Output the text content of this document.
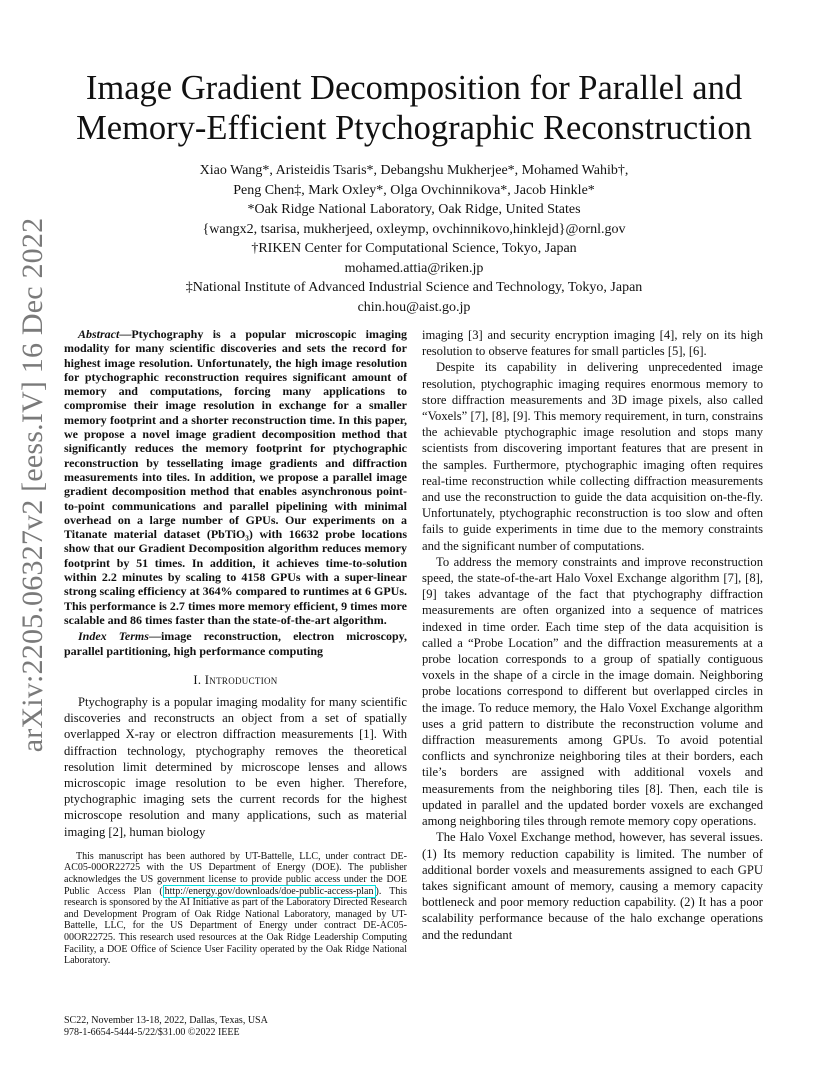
arXiv:2205.06327v2 [eess.IV] 16 Dec 2022
Image Gradient Decomposition for Parallel and
Memory-Efficient Ptychographic Reconstruction
Xiao Wang*, Aristeidis Tsaris*, Debangshu Mukherjee*, Mohamed Wahib†,
Peng Chen‡, Mark Oxley*, Olga Ovchinnikova*, Jacob Hinkle*
*Oak Ridge National Laboratory, Oak Ridge, United States
{wangx2, tsarisa, mukherjeed, oxleymp, ovchinnikovo,hinklejd}@ornl.gov
†RIKEN Center for Computational Science, Tokyo, Japan
mohamed.attia@riken.jp
‡National Institute of Advanced Industrial Science and Technology, Tokyo, Japan
chin.hou@aist.go.jp

Abstract—Ptychography is a popular microscopic imaging modality for many scientific discoveries and sets the record for highest image resolution. Unfortunately, the high image resolution for ptychographic reconstruction requires significant amount of memory and computations, forcing many applications to compromise their image resolution in exchange for a smaller memory footprint and a shorter reconstruction time. In this paper, we propose a novel image gradient decomposition method that significantly reduces the memory footprint for ptychographic reconstruction by tessellating image gradients and diffraction measurements into tiles. In addition, we propose a parallel image gradient decomposition method that enables asynchronous point-to-point communications and parallel pipelining with minimal overhead on a large number of GPUs. Our experiments on a Titanate material dataset (PbTiO₃) with 16632 probe locations show that our Gradient Decomposition algorithm reduces memory footprint by 51 times. In addition, it achieves time-to-solution within 2.2 minutes by scaling to 4158 GPUs with a super-linear strong scaling efficiency at 364% compared to runtimes at 6 GPUs. This performance is 2.7 times more memory efficient, 9 times more scalable and 86 times faster than the state-of-the-art algorithm.

Index Terms—image reconstruction, electron microscopy, parallel partitioning, high performance computing

I. Introduction

Ptychography is a popular imaging modality for many scientific discoveries and reconstructs an object from a set of spatially overlapped X-ray or electron diffraction measurements [1]. With diffraction technology, ptychography removes the theoretical resolution limit determined by microscope lenses and allows microscopic image resolution to be even higher. Therefore, ptychographic imaging sets the current records for the highest microscope resolution and many applications, such as material imaging [2], human biology

This manuscript has been authored by UT-Battelle, LLC, under contract DE-AC05-00OR22725 with the US Department of Energy (DOE). The publisher acknowledges the US government license to provide public access under the DOE Public Access Plan ( http://energy.gov/downloads/doe-public-access-plan ). This research is sponsored by the AI Initiative as part of the Laboratory Directed Research and Development Program of Oak Ridge National Laboratory, managed by UT-Battelle, LLC, for the US Department of Energy under contract DE-AC05-00OR22725. This research used resources at the Oak Ridge Leadership Computing Facility, a DOE Office of Science User Facility operated by the Oak Ridge National Laboratory.

imaging [3] and security encryption imaging [4], rely on its high resolution to observe features for small particles [5], [6].

Despite its capability in delivering unprecedented image resolution, ptychographic imaging requires enormous memory to store diffraction measurements and 3D image pixels, also called “Voxels” [7], [8], [9]. This memory requirement, in turn, constrains the achievable ptychographic image resolution and stops many scientists from discovering important features that are present in the samples. Furthermore, ptychographic imaging often requires real-time reconstruction while collecting diffraction measurements and use the reconstruction to guide the data acquisition on-the-fly. Unfortunately, ptychographic reconstruction is too slow and often fails to guide experiments in time due to the memory constraints and the significant number of computations.

To address the memory constraints and improve reconstruction speed, the state-of-the-art Halo Voxel Exchange algorithm [7], [8], [9] takes advantage of the fact that ptychography diffraction measurements are often organized into a sequence of matrices indexed in time order. Each time step of the data acquisition is called a “Probe Location” and the diffraction measurements at a probe location corresponds to a group of spatially contiguous voxels in the shape of a circle in the image domain. Neighboring probe locations correspond to different but overlapped circles in the image. To reduce memory, the Halo Voxel Exchange algorithm uses a grid pattern to distribute the reconstruction volume and diffraction measurements among GPUs. To avoid potential conflicts and synchronize neighboring tiles at their borders, each tile’s borders are assigned with additional voxels and measurements from the neighboring tiles [8]. Then, each tile is updated in parallel and the updated border voxels are exchanged among neighboring tiles through remote memory copy operations.

The Halo Voxel Exchange method, however, has several issues. (1) Its memory reduction capability is limited. The number of additional border voxels and measurements assigned to each GPU takes significant amount of memory, causing a memory capacity bottleneck and poor memory reduction capability. (2) It has a poor scalability performance because of the halo exchange operations and the redundant

SC22, November 13-18, 2022, Dallas, Texas, USA
978-1-6654-5444-5/22/$31.00 ©2022 IEEE
